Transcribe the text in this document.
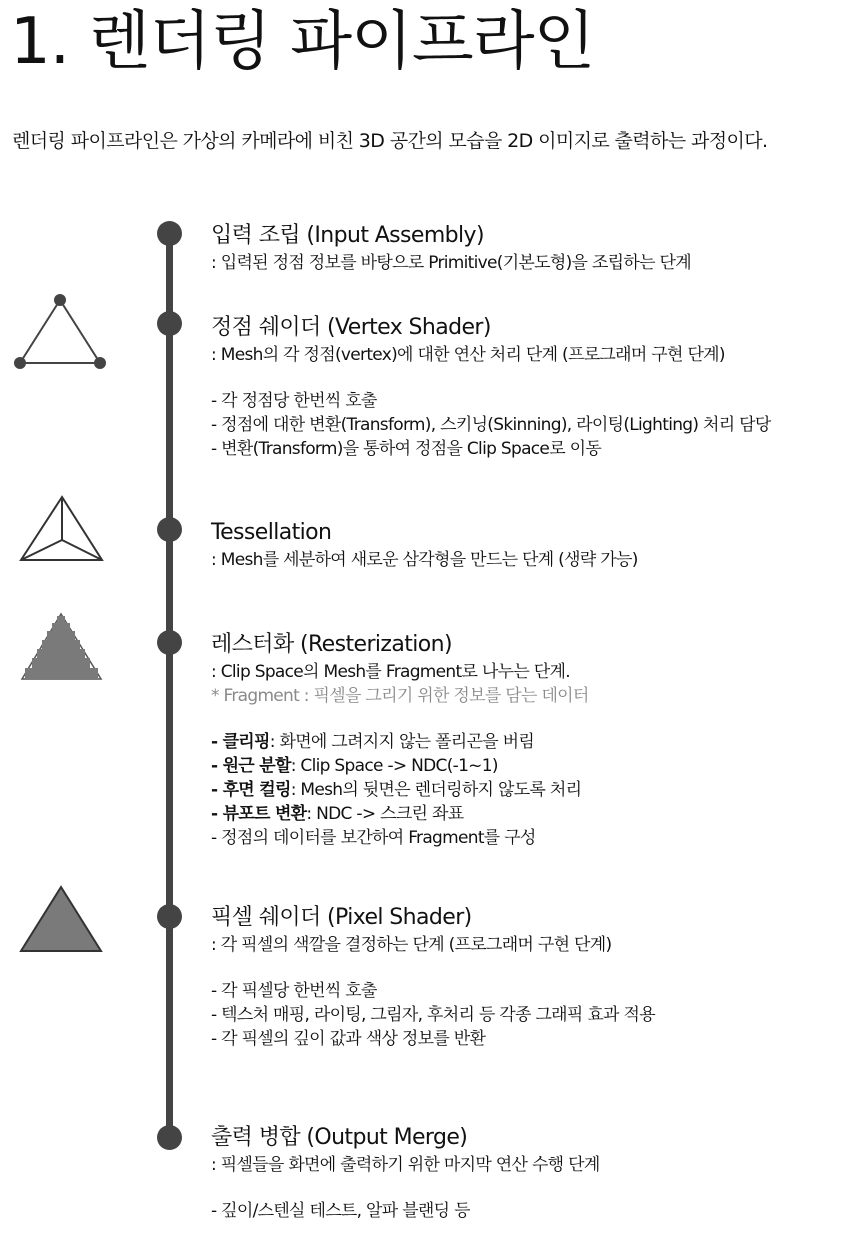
1. 렌더링 파이프라인
렌더링 파이프라인은 가상의 카메라에 비친 3D 공간의 모습을 2D 이미지로 출력하는 과정이다.
입력 조립 (Input Assembly)
: 입력된 정점 정보를 바탕으로 Primitive(기본도형)을 조립하는 단계
정점 쉐이더 (Vertex Shader)
: Mesh의 각 정점(vertex)에 대한 연산 처리 단계 (프로그래머 구현 단계)
- 각 정점당 한번씩 호출
- 정점에 대한 변환(Transform), 스키닝(Skinning), 라이팅(Lighting) 처리 담당
- 변환(Transform)을 통하여 정점을 Clip Space로 이동
Tessellation
: Mesh를 세분하여 새로운 삼각형을 만드는 단계 (생략 가능)
레스터화 (Resterization)
: Clip Space의 Mesh를 Fragment로 나누는 단계.
* Fragment : 픽셀을 그리기 위한 정보를 담는 데이터
- 클리핑: 화면에 그려지지 않는 폴리곤을 버림
- 원근 분할: Clip Space -> NDC(-1~1)
- 후면 컬링: Mesh의 뒷면은 렌더링하지 않도록 처리
- 뷰포트 변환: NDC -> 스크린 좌표
- 정점의 데이터를 보간하여 Fragment를 구성
픽셀 쉐이더 (Pixel Shader)
: 각 픽셀의 색깔을 결정하는 단계 (프로그래머 구현 단계)
- 각 픽셀당 한번씩 호출
- 텍스처 매핑, 라이팅, 그림자, 후처리 등 각종 그래픽 효과 적용
- 각 픽셀의 깊이 값과 색상 정보를 반환
출력 병합 (Output Merge)
: 픽셀들을 화면에 출력하기 위한 마지막 연산 수행 단계
- 깊이/스텐실 테스트, 알파 블랜딩 등
